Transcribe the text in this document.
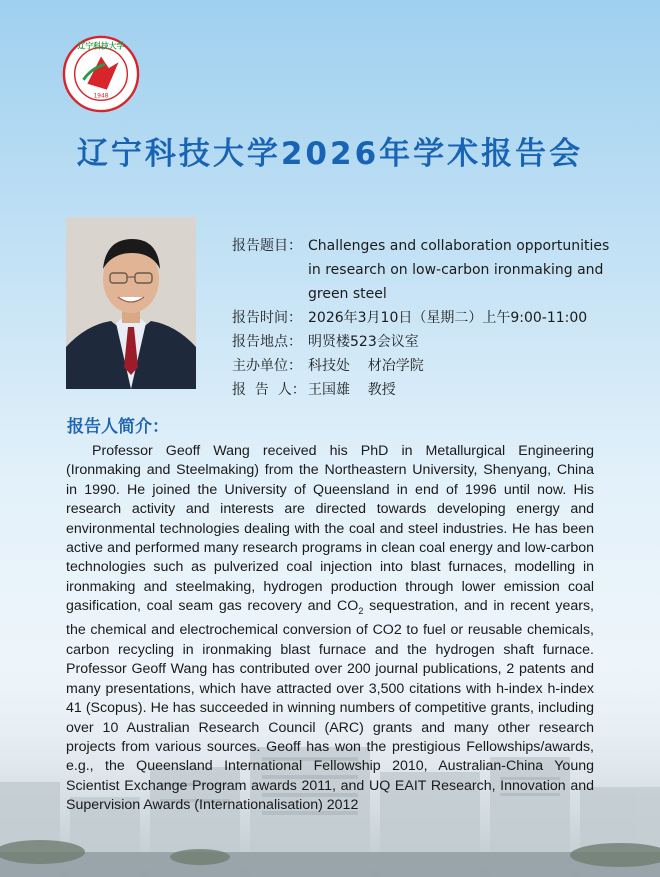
辽宁科技大学
1948
辽宁科技大学2026年学术报告会
报告题目： Challenges and collaboration opportunities in research on low-carbon ironmaking and green steel
报告时间： 2026年3月10日（星期二）上午9:00-11:00
报告地点： 明贤楼523会议室
主办单位： 科技处    材冶学院
报  告  人： 王国雄    教授
报告人简介：
Professor Geoff Wang received his PhD in Metallurgical Engineering (Ironmaking and Steelmaking) from the Northeastern University, Shenyang, China in 1990. He joined the University of Queensland in end of 1996 until now. His research activity and interests are directed towards developing energy and environmental technologies dealing with the coal and steel industries. He has been active and performed many research programs in clean coal energy and low-carbon technologies such as pulverized coal injection into blast furnaces, modelling in ironmaking and steelmaking, hydrogen production through lower emission coal gasification, coal seam gas recovery and $CO_2$ sequestration, and in recent years, the chemical and electrochemical conversion of CO2 to fuel or reusable chemicals, carbon recycling in ironmaking blast furnace and the hydrogen shaft furnace. Professor Geoff Wang has contributed over 200 journal publications, 2 patents and many presentations, which have attracted over 3,500 citations with h-index h-index 41 (Scopus). He has succeeded in winning numbers of competitive grants, including over 10 Australian Research Council (ARC) grants and many other research projects from various sources. Geoff has won the prestigious Fellowships/awards, e.g., the Queensland International Fellowship 2010, Australian-China Young Scientist Exchange Program awards 2011, and UQ EAIT Research, Innovation and Supervision Awards (Internationalisation) 2012
